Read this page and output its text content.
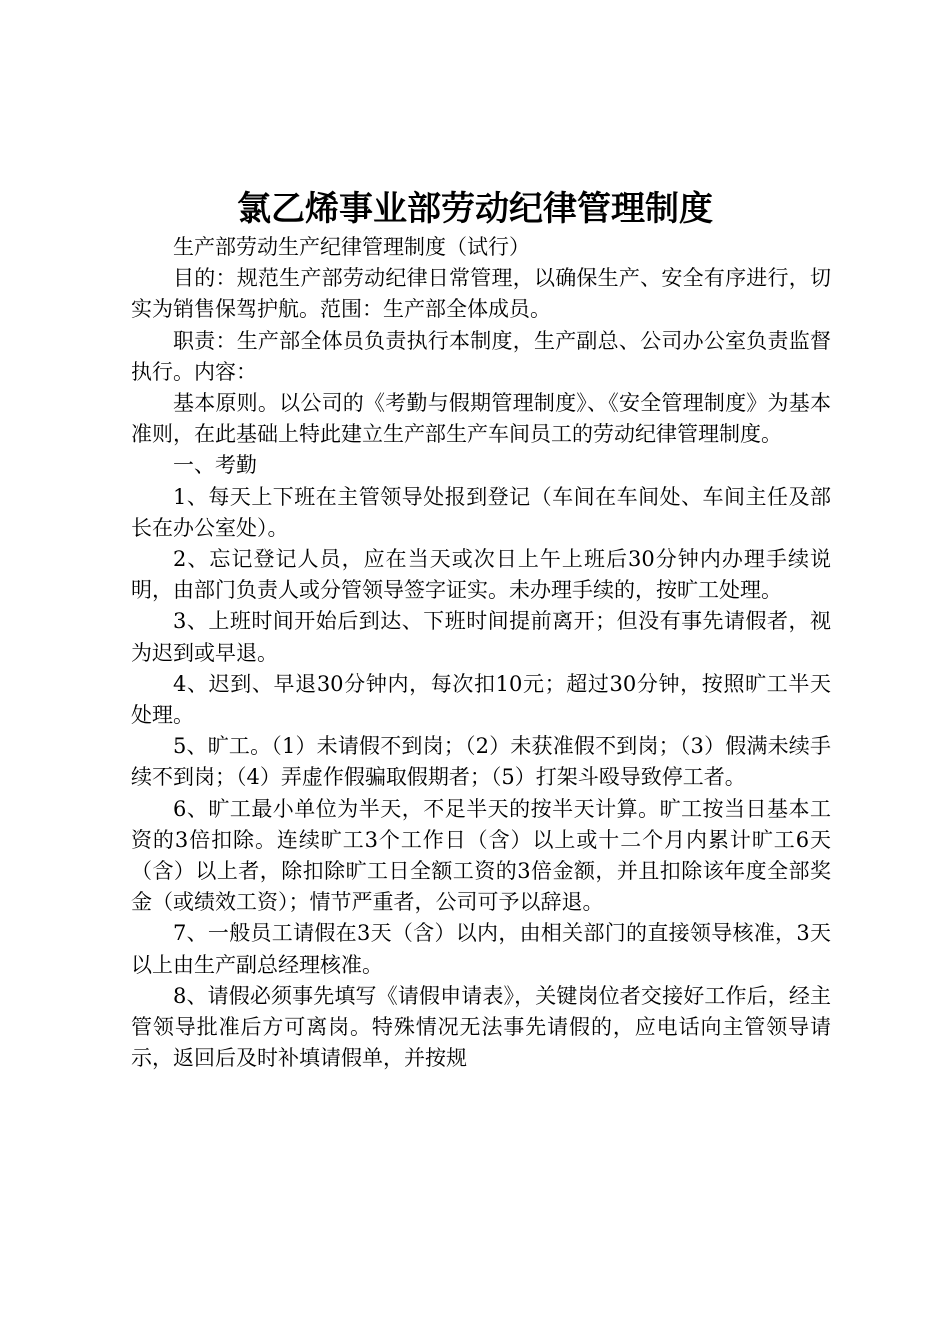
氯乙烯事业部劳动纪律管理制度

生产部劳动生产纪律管理制度（试行）

目的：规范生产部劳动纪律日常管理，以确保生产、安全有序进行，切实为销售保驾护航。范围：生产部全体成员。

职责：生产部全体员负责执行本制度，生产副总、公司办公室负责监督执行。内容：

基本原则。以公司的《考勤与假期管理制度》、《安全管理制度》为基本准则，在此基础上特此建立生产部生产车间员工的劳动纪律管理制度。

一、考勤

1、每天上下班在主管领导处报到登记（车间在车间处、车间主任及部长在办公室处）。

2、忘记登记人员，应在当天或次日上午上班后30分钟内办理手续说明，由部门负责人或分管领导签字证实。未办理手续的，按旷工处理。

3、上班时间开始后到达、下班时间提前离开；但没有事先请假者，视为迟到或早退。

4、迟到、早退30分钟内，每次扣10元；超过30分钟，按照旷工半天处理。

5、旷工。（1）未请假不到岗；（2）未获准假不到岗；（3）假满未续手续不到岗；（4）弄虚作假骗取假期者；（5）打架斗殴导致停工者。

6、旷工最小单位为半天，不足半天的按半天计算。旷工按当日基本工资的3倍扣除。连续旷工3个工作日（含）以上或十二个月内累计旷工6天（含）以上者，除扣除旷工日全额工资的3倍金额，并且扣除该年度全部奖金（或绩效工资）；情节严重者，公司可予以辞退。

7、一般员工请假在3天（含）以内，由相关部门的直接领导核准，3天以上由生产副总经理核准。

8、请假必须事先填写《请假申请表》，关键岗位者交接好工作后，经主管领导批准后方可离岗。特殊情况无法事先请假的，应电话向主管领导请示，返回后及时补填请假单，并按规
